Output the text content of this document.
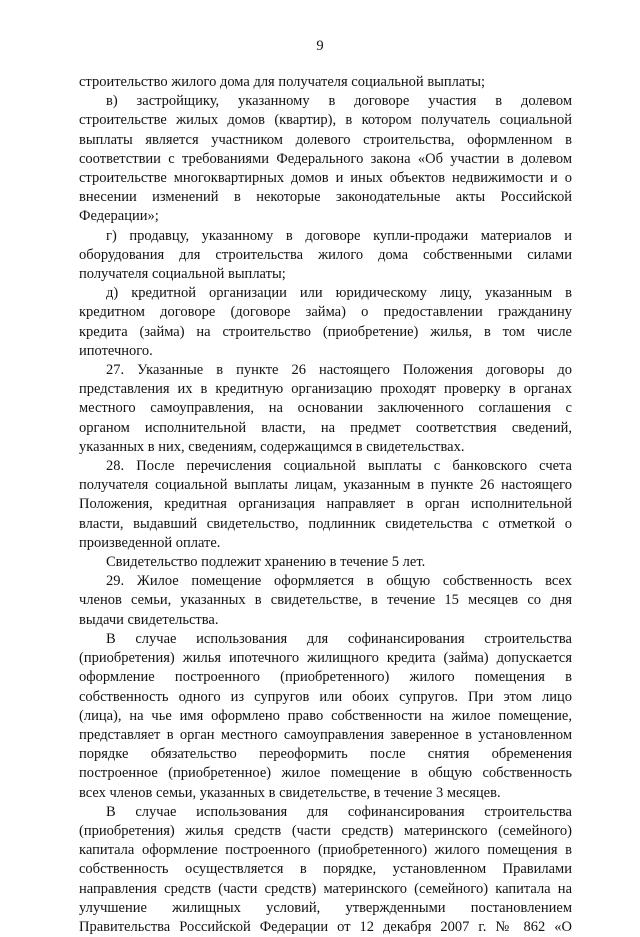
9

строительство жилого дома для получателя социальной выплаты;

в) застройщику, указанному в договоре участия в долевом

строительстве жилых домов (квартир), в котором получатель социальной

выплаты является участником долевого строительства, оформленном в

соответствии с требованиями Федерального закона «Об участии в долевом

строительстве многоквартирных домов и иных объектов недвижимости и о

внесении изменений в некоторые законодательные акты Российской

Федерации»;

г) продавцу, указанному в договоре купли-продажи материалов и

оборудования для строительства жилого дома собственными силами

получателя социальной выплаты;

д) кредитной организации или юридическому лицу, указанным в

кредитном договоре (договоре займа) о предоставлении гражданину

кредита (займа) на строительство (приобретение) жилья, в том числе

ипотечного.

27. Указанные в пункте 26 настоящего Положения договоры до

представления их в кредитную организацию проходят проверку в органах

местного самоуправления, на основании заключенного соглашения с

органом исполнительной власти, на предмет соответствия сведений,

указанных в них, сведениям, содержащимся в свидетельствах.

28. После перечисления социальной выплаты с банковского счета

получателя социальной выплаты лицам, указанным в пункте 26 настоящего

Положения, кредитная организация направляет в орган исполнительной

власти, выдавший свидетельство, подлинник свидетельства с отметкой о

произведенной оплате.

Свидетельство подлежит хранению в течение 5 лет.

29. Жилое помещение оформляется в общую собственность всех

членов семьи, указанных в свидетельстве, в течение 15 месяцев со дня

выдачи свидетельства.

В случае использования для софинансирования строительства

(приобретения) жилья ипотечного жилищного кредита (займа) допускается

оформление построенного (приобретенного) жилого помещения в

собственность одного из супругов или обоих супругов. При этом лицо

(лица), на чье имя оформлено право собственности на жилое помещение,

представляет в орган местного самоуправления заверенное в установленном

порядке обязательство переоформить после снятия обременения

построенное (приобретенное) жилое помещение в общую собственность

всех членов семьи, указанных в свидетельстве, в течение 3 месяцев.

В случае использования для софинансирования строительства

(приобретения) жилья средств (части средств) материнского (семейного)

капитала оформление построенного (приобретенного) жилого помещения в

собственность осуществляется в порядке, установленном Правилами

направления средств (части средств) материнского (семейного) капитала на

улучшение жилищных условий, утвержденными постановлением

Правительства Российской Федерации от 12 декабря 2007 г. № 862 «О
